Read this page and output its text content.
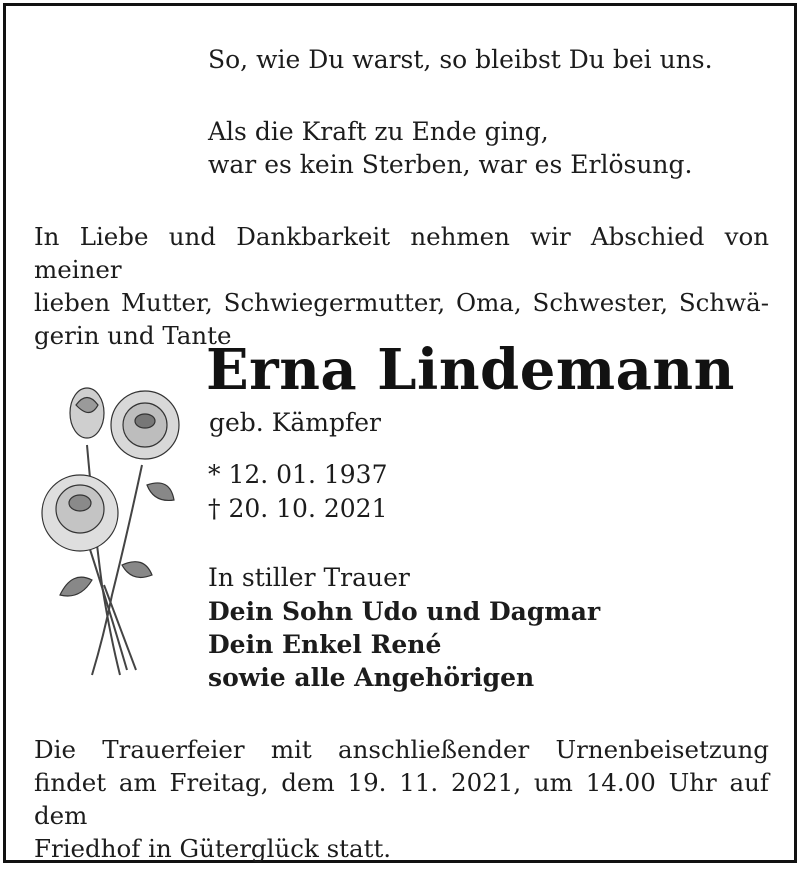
So, wie Du warst, so bleibst Du bei uns.
Als die Kraft zu Ende ging,
war es kein Sterben, war es Erlösung.
In Liebe und Dankbarkeit nehmen wir Abschied von meiner
lieben Mutter, Schwiegermutter, Oma, Schwester, Schwä-
gerin und Tante
Erna Lindemann
geb. Kämpfer
* 12. 01. 1937
† 20. 10. 2021
In stiller Trauer
Dein Sohn Udo und Dagmar
Dein Enkel René
sowie alle Angehörigen
Die Trauerfeier mit anschließender Urnenbeisetzung
findet am Freitag, dem 19. 11. 2021, um 14.00 Uhr auf dem
Friedhof in Güterglück statt.
